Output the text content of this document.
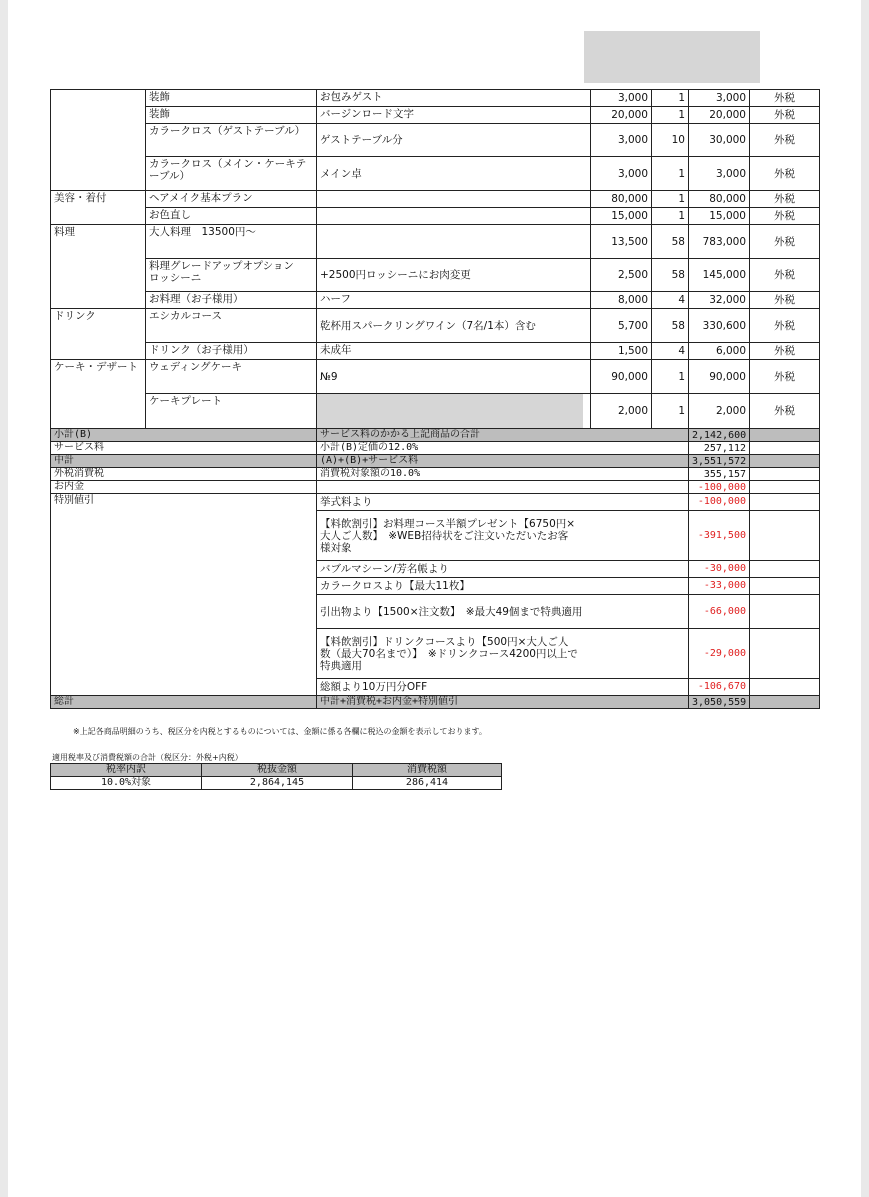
	装飾	お包みゲスト	3,000	1	3,000	外税
	装飾	バージンロード文字	20,000	1	20,000	外税
	カラークロス（ゲストテーブル）	ゲストテーブル分	3,000	10	30,000	外税
	カラークロス（メイン・ケーキテーブル）	メイン卓	3,000	1	3,000	外税
美容・着付	ヘアメイク基本プラン		80,000	1	80,000	外税
	お色直し		15,000	1	15,000	外税
料理	大人料理　13500円～		13,500	58	783,000	外税
	料理グレードアップオプション　ロッシーニ	+2500円ロッシーニにお肉変更	2,500	58	145,000	外税
	お料理（お子様用）	ハーフ	8,000	4	32,000	外税
ドリンク	エシカルコース	乾杯用スパークリングワイン（7名/1本）含む	5,700	58	330,600	外税
	ドリンク（お子様用）	未成年	1,500	4	6,000	外税
ケーキ・デザート	ウェディングケーキ	№9	90,000	1	90,000	外税
	ケーキプレート		2,000	1	2,000	外税
小計(B)		サービス料のかかる上記商品の合計			2,142,600	
サービス料		小計(B)定価の12.0%			257,112	
中計		(A)+(B)+サービス料			3,551,572	
外税消費税		消費税対象額の10.0%			355,157	
お内金					-100,000	
特別値引		挙式料より			-100,000	
		【料飲割引】お料理コース半額プレゼント【6750円×大人ご人数】　※WEB招待状をご注文いただいたお客様対象			-391,500	
		バブルマシーン/芳名帳より			-30,000	
		カラークロスより【最大11枚】			-33,000	
		引出物より【1500×注文数】　※最大49個まで特典適用			-66,000	
		【料飲割引】ドリンクコースより【500円×大人ご人数（最大70名まで）】　※ドリンクコース4200円以上で特典適用			-29,000	
		総額より10万円分OFF			-106,670	
総計		中計+消費税+お内金+特別値引			3,050,559	
※上記各商品明細のうち、税区分を内税とするものについては、金額に係る各欄に税込の金額を表示しております。
適用税率及び消費税額の合計（税区分：外税+内税）
税率内訳	税抜金額	消費税額
10.0%対象	2,864,145	286,414
